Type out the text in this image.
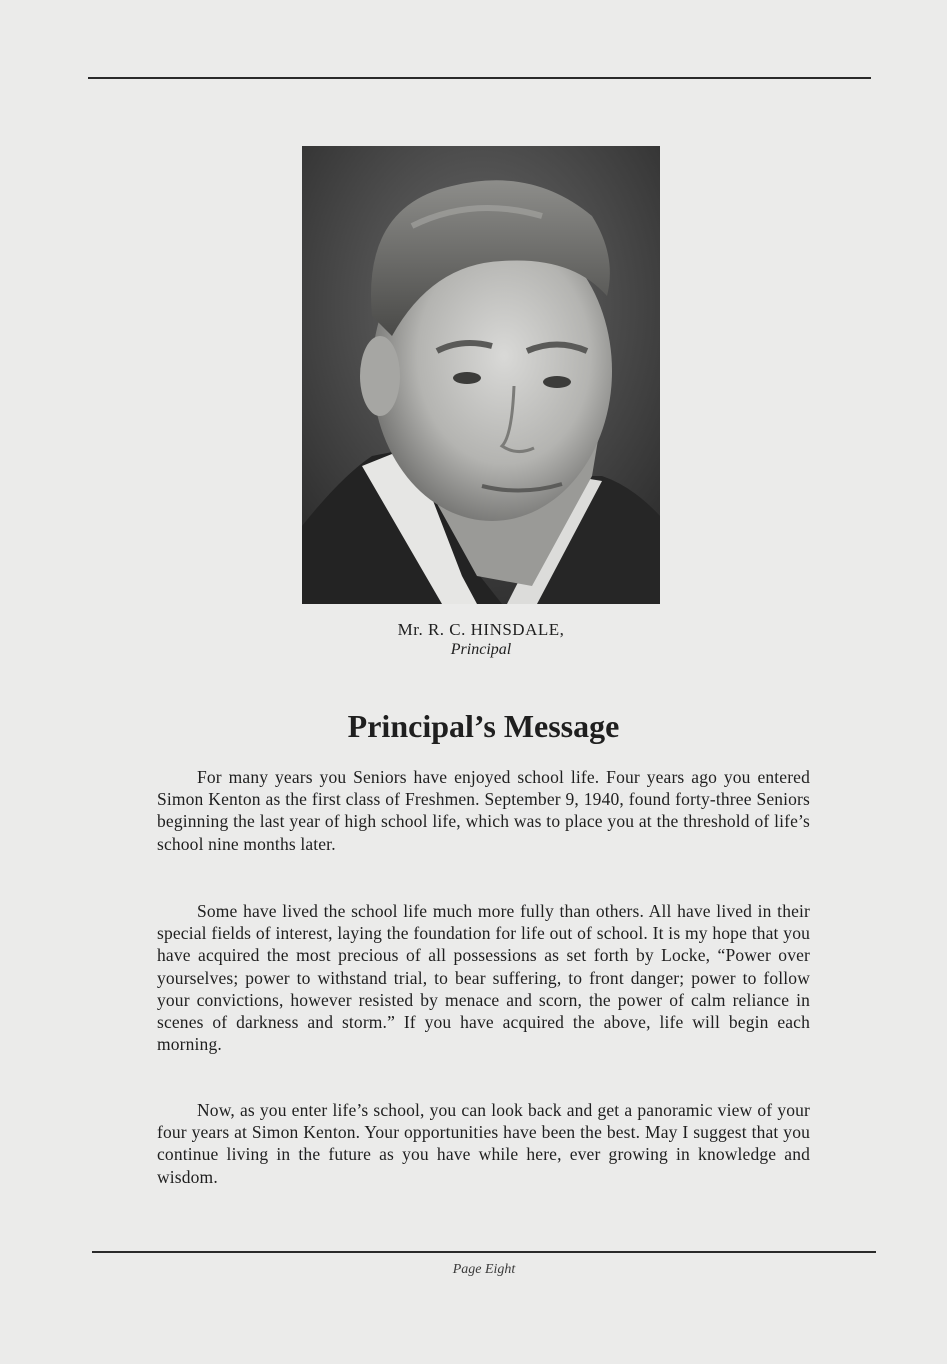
Mr. R. C. HINSDALE,
Principal
Principal’s Message

For many years you Seniors have enjoyed school life. Four years ago you entered Simon Kenton as the first class of Freshmen. September 9, 1940, found forty-three Seniors beginning the last year of high school life, which was to place you at the threshold of life’s school nine months later.

Some have lived the school life much more fully than others. All have lived in their special fields of interest, laying the foundation for life out of school. It is my hope that you have acquired the most precious of all possessions as set forth by Locke, “Power over yourselves; power to withstand trial, to bear suffering, to front danger; power to follow your convictions, however resisted by menace and scorn, the power of calm reliance in scenes of darkness and storm.” If you have acquired the above, life will begin each morning.

Now, as you enter life’s school, you can look back and get a panoramic view of your four years at Simon Kenton. Your opportunities have been the best. May I suggest that you continue living in the future as you have while here, ever growing in knowledge and wisdom.

Page Eight
